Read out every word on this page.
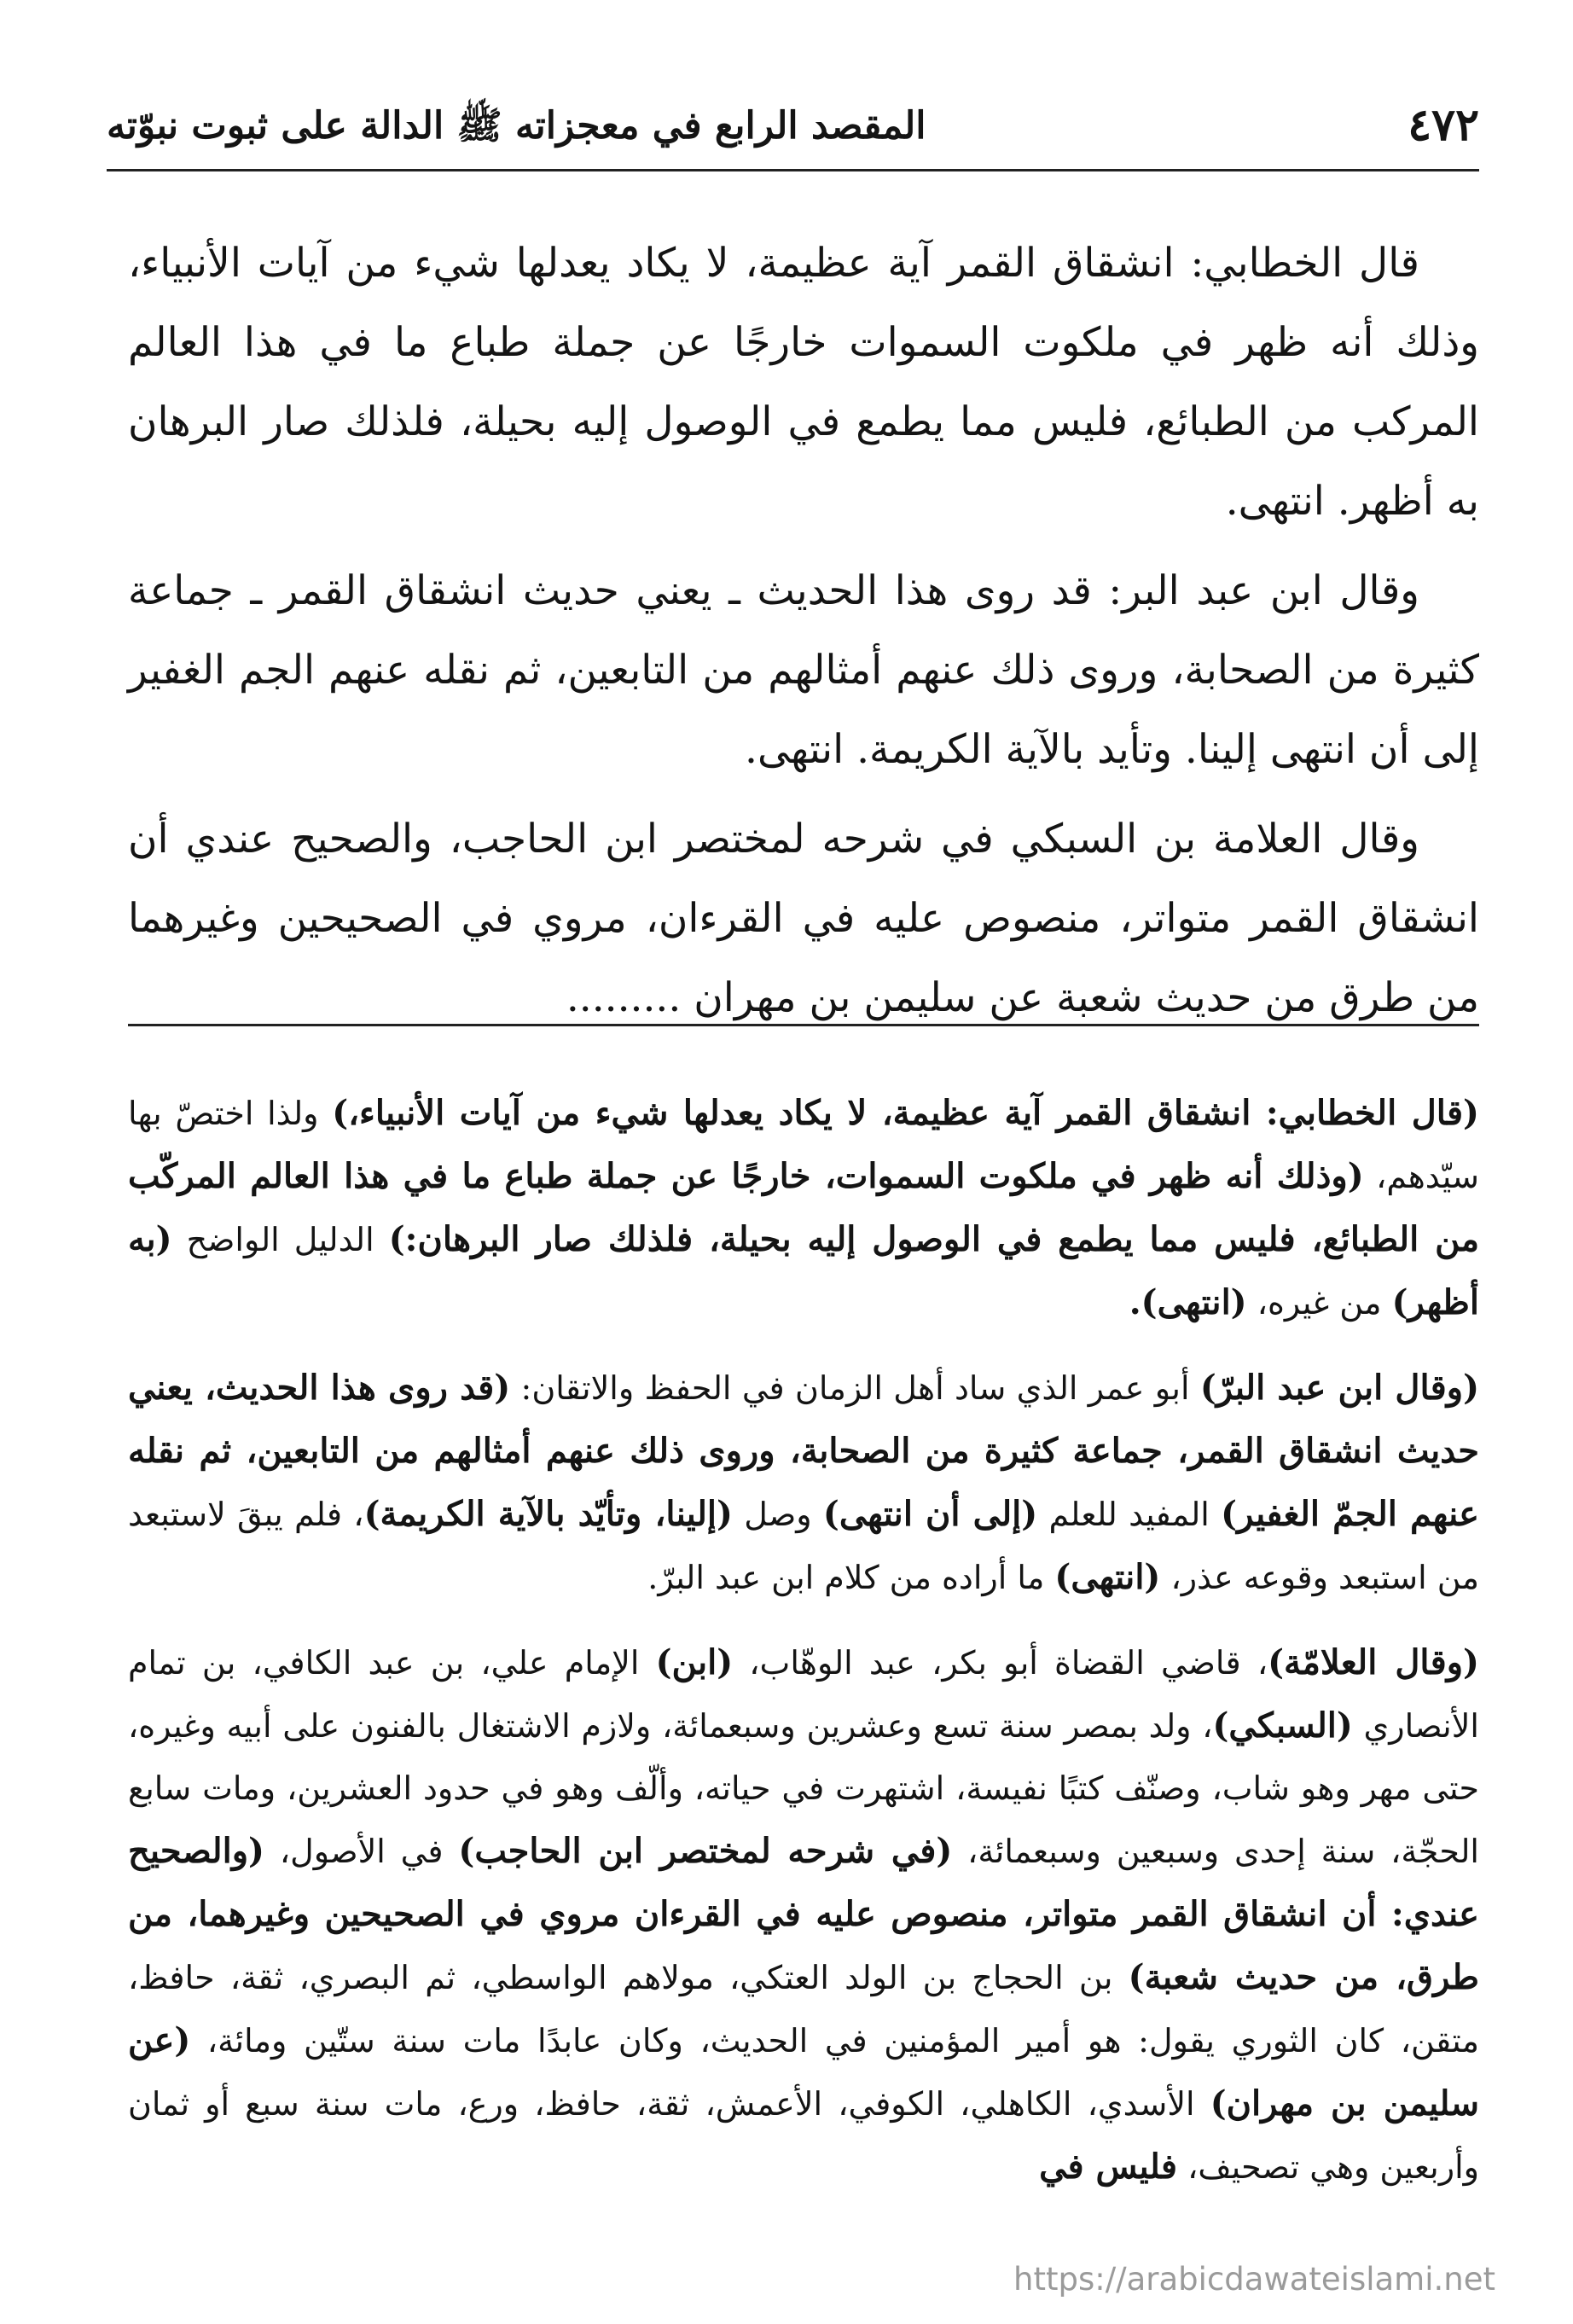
٤٧٢
المقصد الرابع في معجزاته ﷺ الدالة على ثبوت نبوّته

قال الخطابي: انشقاق القمر آية عظيمة، لا يكاد يعدلها شيء من آيات الأنبياء، وذلك أنه ظهر في ملكوت السموات خارجًا عن جملة طباع ما في هذا العالم المركب من الطبائع، فليس مما يطمع في الوصول إليه بحيلة، فلذلك صار البرهان به أظهر. انتهى.

وقال ابن عبد البر: قد روى هذا الحديث ـ يعني حديث انشقاق القمر ـ جماعة كثيرة من الصحابة، وروى ذلك عنهم أمثالهم من التابعين، ثم نقله عنهم الجم الغفير إلى أن انتهى إلينا. وتأيد بالآية الكريمة. انتهى.

وقال العلامة بن السبكي في شرحه لمختصر ابن الحاجب، والصحيح عندي أن انشقاق القمر متواتر، منصوص عليه في القرءان، مروي في الصحيحين وغيرهما من طرق من حديث شعبة عن سليمن بن مهران .........

(قال الخطابي: انشقاق القمر آية عظيمة، لا يكاد يعدلها شيء من آيات الأنبياء،) ولذا اختصّ بها سيّدهم، (وذلك أنه ظهر في ملكوت السموات، خارجًا عن جملة طباع ما في هذا العالم المركّب من الطبائع، فليس مما يطمع في الوصول إليه بحيلة، فلذلك صار البرهان:) الدليل الواضح (به أظهر) من غيره، (انتهى).

(وقال ابن عبد البرّ) أبو عمر الذي ساد أهل الزمان في الحفظ والاتقان: (قد روى هذا الحديث، يعني حديث انشقاق القمر، جماعة كثيرة من الصحابة، وروى ذلك عنهم أمثالهم من التابعين، ثم نقله عنهم الجمّ الغفير) المفيد للعلم (إلى أن انتهى) وصل (إلينا، وتأيّد بالآية الكريمة)، فلم يبقَ لاستبعد من استبعد وقوعه عذر، (انتهى) ما أراده من كلام ابن عبد البرّ.

(وقال العلامّة)، قاضي القضاة أبو بكر، عبد الوهّاب، (ابن) الإمام علي، بن عبد الكافي، بن تمام الأنصاري (السبكي)، ولد بمصر سنة تسع وعشرين وسبعمائة، ولازم الاشتغال بالفنون على أبيه وغيره، حتى مهر وهو شاب، وصنّف كتبًا نفيسة، اشتهرت في حياته، وألّف وهو في حدود العشرين، ومات سابع الحجّة، سنة إحدى وسبعين وسبعمائة، (في شرحه لمختصر ابن الحاجب) في الأصول، (والصحيح عندي: أن انشقاق القمر متواتر، منصوص عليه في القرءان مروي في الصحيحين وغيرهما، من طرق، من حديث شعبة) بن الحجاج بن الولد العتكي، مولاهم الواسطي، ثم البصري، ثقة، حافظ، متقن، كان الثوري يقول: هو أمير المؤمنين في الحديث، وكان عابدًا مات سنة ستّين ومائة، (عن سليمن بن مهران) الأسدي، الكاهلي، الكوفي، الأعمش، ثقة، حافظ، ورع، مات سنة سبع أو ثمان وأربعين وهي تصحيف، فليس في

https://arabicdawateislami.net
